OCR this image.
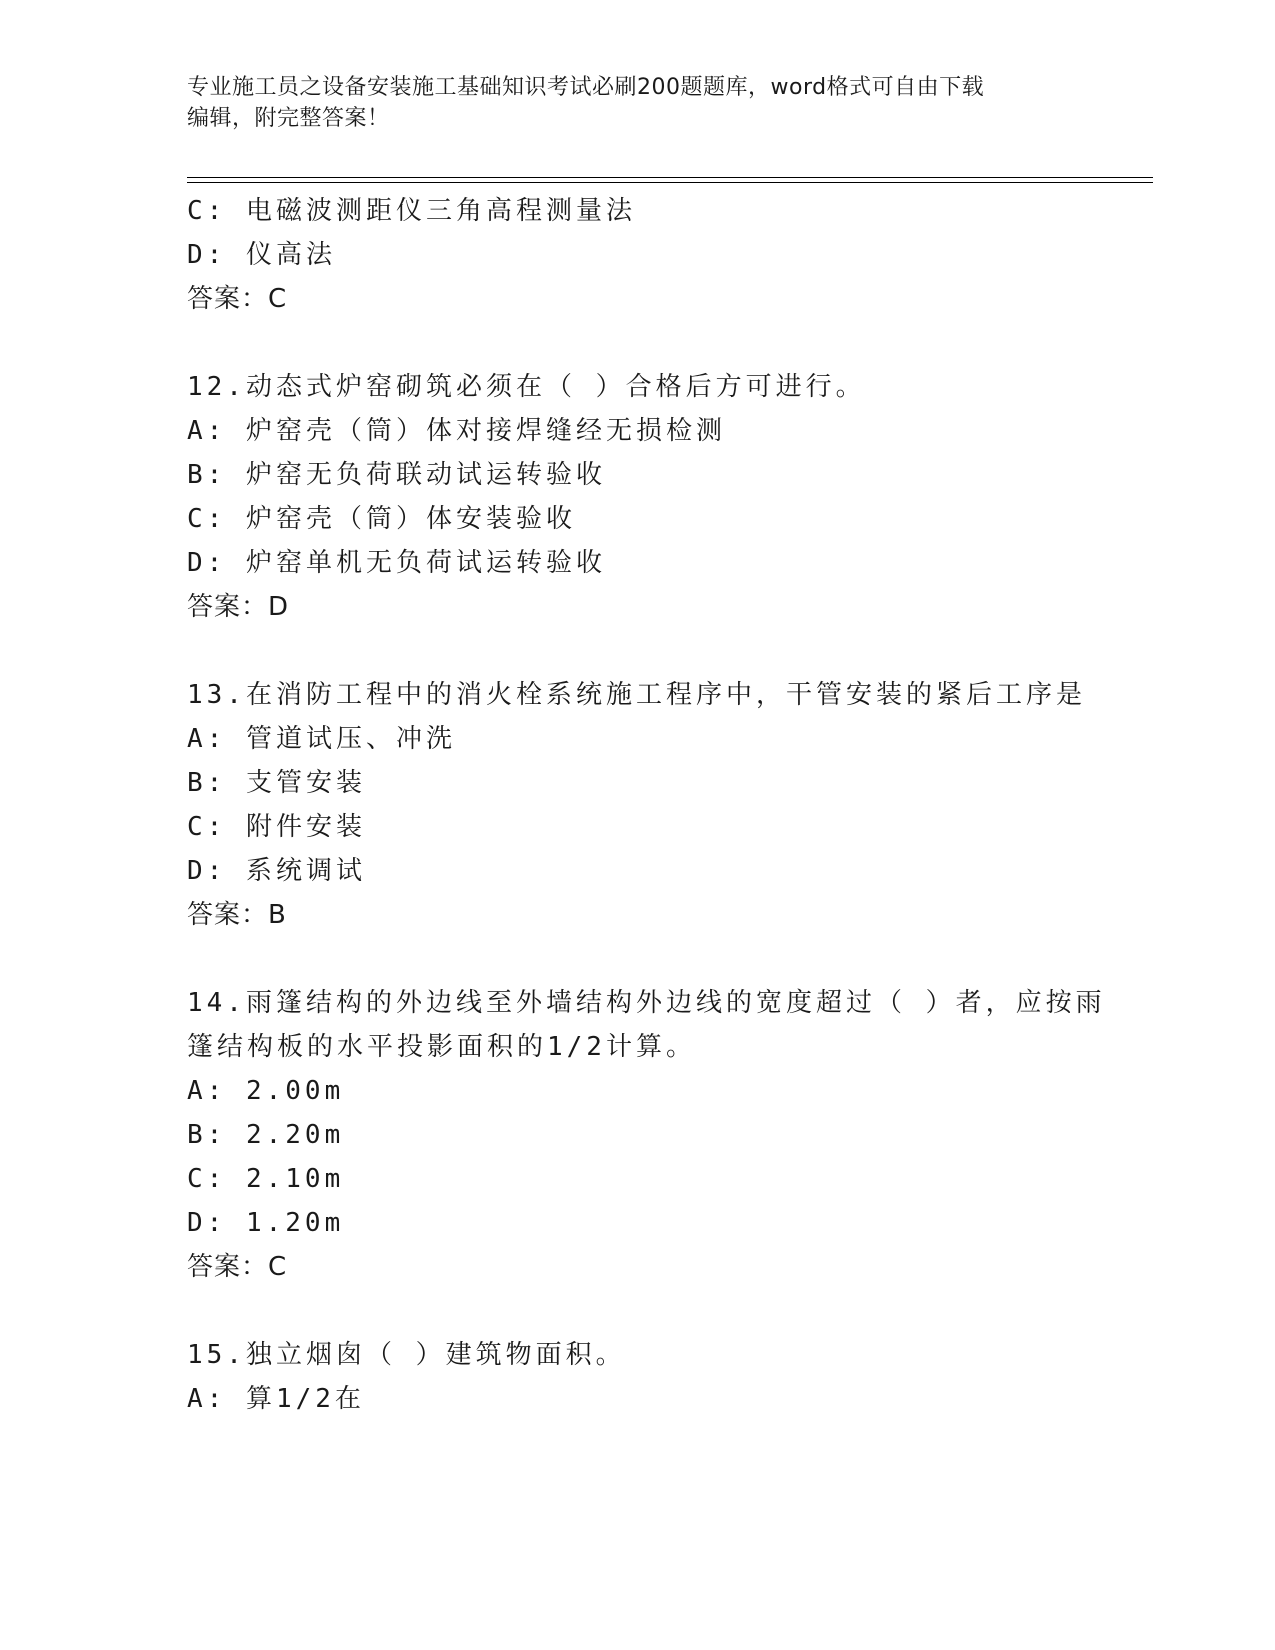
专业施工员之设备安装施工基础知识考试必刷200题题库，word格式可自由下载
编辑，附完整答案！
C: 电磁波测距仪三角高程测量法
D: 仪高法
答案：C
12.动态式炉窑砌筑必须在（ ）合格后方可进行。
A: 炉窑壳（筒）体对接焊缝经无损检测
B: 炉窑无负荷联动试运转验收
C: 炉窑壳（筒）体安装验收
D: 炉窑单机无负荷试运转验收
答案：D
13.在消防工程中的消火栓系统施工程序中，干管安装的紧后工序是
A: 管道试压、冲洗
B: 支管安装
C: 附件安装
D: 系统调试
答案：B
14.雨篷结构的外边线至外墙结构外边线的宽度超过（ ）者，应按雨
篷结构板的水平投影面积的1/2计算。
A: 2.00m
B: 2.20m
C: 2.10m
D: 1.20m
答案：C
15.独立烟囱（ ）建筑物面积。
A: 算1/2在
